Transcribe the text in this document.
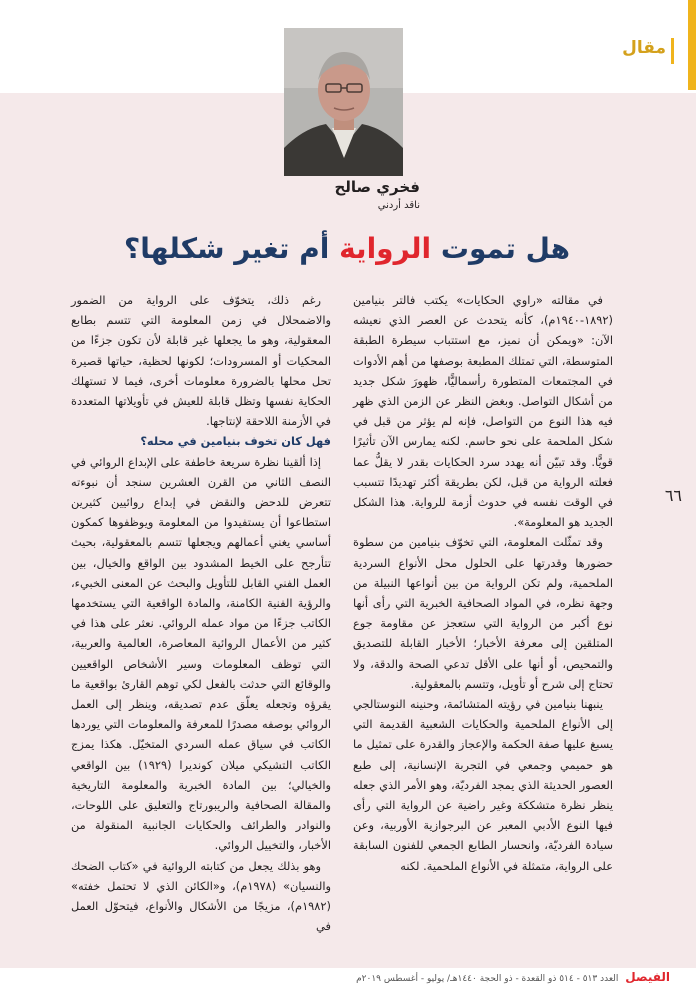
مقال
فخري صالح
ناقد أردني
هل تموت الرواية أم تغير شكلها؟

في مقالته «راوي الحكايات» يكتب فالتر بنيامين (١٨٩٢-١٩٤٠م)، كأنه يتحدث عن العصر الذي نعيشه الآن: «ويمكن أن نميز، مع استتباب سيطرة الطبقة المتوسطة، التي تمتلك المطبعة بوصفها من أهم الأدوات في المجتمعات المتطورة رأسماليًّا، ظهورَ شكل جديد من أشكال التواصل. وبغض النظر عن الزمن الذي ظهر فيه هذا النوع من التواصل، فإنه لم يؤثر من قبل في شكل الملحمة على نحو حاسم. لكنه يمارس الآن تأثيرًا قويًّا. وقد تبيّن أنه يهدد سرد الحكايات بقدر لا يقلُّ عما فعلته الرواية من قبل، لكن بطريقة أكثر تهديدًا تتسبب في الوقت نفسه في حدوث أزمة للرواية. هذا الشكل الجديد هو المعلومة».

وقد تمثّلت المعلومة، التي تخوّف بنيامين من سطوة حضورها وقدرتها على الحلول محل الأنواع السردية الملحمية، ولم تكن الرواية من بين أنواعها النبيلة من وجهة نظره، في المواد الصحافية الخبرية التي رأى أنها نوع أكبر من الرواية التي ستعجز عن مقاومة جوع المتلقين إلى معرفة الأخبار؛ الأخبار القابلة للتصديق والتمحيص، أو أنها على الأقل تدعي الصحة والدقة، ولا تحتاج إلى شرح أو تأويل، وتتسم بالمعقولية.

ينبهنا بنيامين في رؤيته المتشائمة، وحنينه النوستالجي إلى الأنواع الملحمية والحكايات الشعبية القديمة التي يسبغ عليها صفة الحكمة والإعجاز والقدرة على تمثيل ما هو حميمي وجمعي في التجربة الإنسانية، إلى طبع العصور الحديثة الذي يمجد الفرديّة، وهو الأمر الذي جعله ينظر نظرة متشككة وغير راضية عن الرواية التي رأى فيها النوع الأدبي المعبر عن البرجوازية الأوربية، وعن سيادة الفرديّة، وانحسار الطابع الجمعي للفنون السابقة على الرواية، متمثلة في الأنواع الملحمية. لكنه

رغم ذلك، يتخوّف على الرواية من الضمور والاضمحلال في زمن المعلومة التي تتسم بطابع المعقولية، وهو ما يجعلها غير قابلة لأن تكون جزءًا من المحكيات أو المسرودات؛ لكونها لحظية، حياتها قصيرة تحل محلها بالضرورة معلومات أخرى، فيما لا تستهلك الحكاية نفسها وتظل قابلة للعيش في تأويلاتها المتعددة في الأزمنة اللاحقة لإنتاجها.

فهل كان تخوف بنيامين في محله؟

إذا ألقينا نظرة سريعة خاطفة على الإبداع الروائي في النصف الثاني من القرن العشرين سنجد أن نبوءته تتعرض للدحض والنقض في إبداع روائيين كثيرين استطاعوا أن يستفيدوا من المعلومة ويوظفوها كمكون أساسي يغني أعمالهم ويجعلها تتسم بالمعقولية، بحيث تتأرجح على الخيط المشدود بين الواقع والخيال، بين العمل الفني القابل للتأويل والبحث عن المعنى الخبيء، والرؤية الفنية الكامنة، والمادة الواقعية التي يستخدمها الكاتب جزءًا من مواد عمله الروائي. نعثر على هذا في كثير من الأعمال الروائية المعاصرة، العالمية والعربية، التي توظف المعلومات وسير الأشخاص الواقعيين والوقائع التي حدثت بالفعل لكي توهم القارئ بواقعية ما يقرؤه وتجعله يعلّق عدم تصديقه، وينظر إلى العمل الروائي بوصفه مصدرًا للمعرفة والمعلومات التي يوردها الكاتب في سياق عمله السردي المتخيّل. هكذا يمزج الكاتب التشيكي ميلان كونديرا (١٩٢٩) بين الواقعي والخيالي؛ بين المادة الخبرية والمعلومة التاريخية والمقالة الصحافية والريبورتاج والتعليق على اللوحات، والنوادر والطرائف والحكايات الجانبية المنقولة من الأخبار، والتخييل الروائي.

وهو بذلك يجعل من كتابته الروائية في «كتاب الضحك والنسيان» (١٩٧٨م)، و«الكائن الذي لا تحتمل خفته» (١٩٨٢م)، مزيجًا من الأشكال والأنواع، فيتحوّل العمل في

٦٦
الفيصل العدد ٥١٣ - ٥١٤ ذو القعدة - ذو الحجة ١٤٤٠هـ/ يوليو - أغسطس ٢٠١٩م
